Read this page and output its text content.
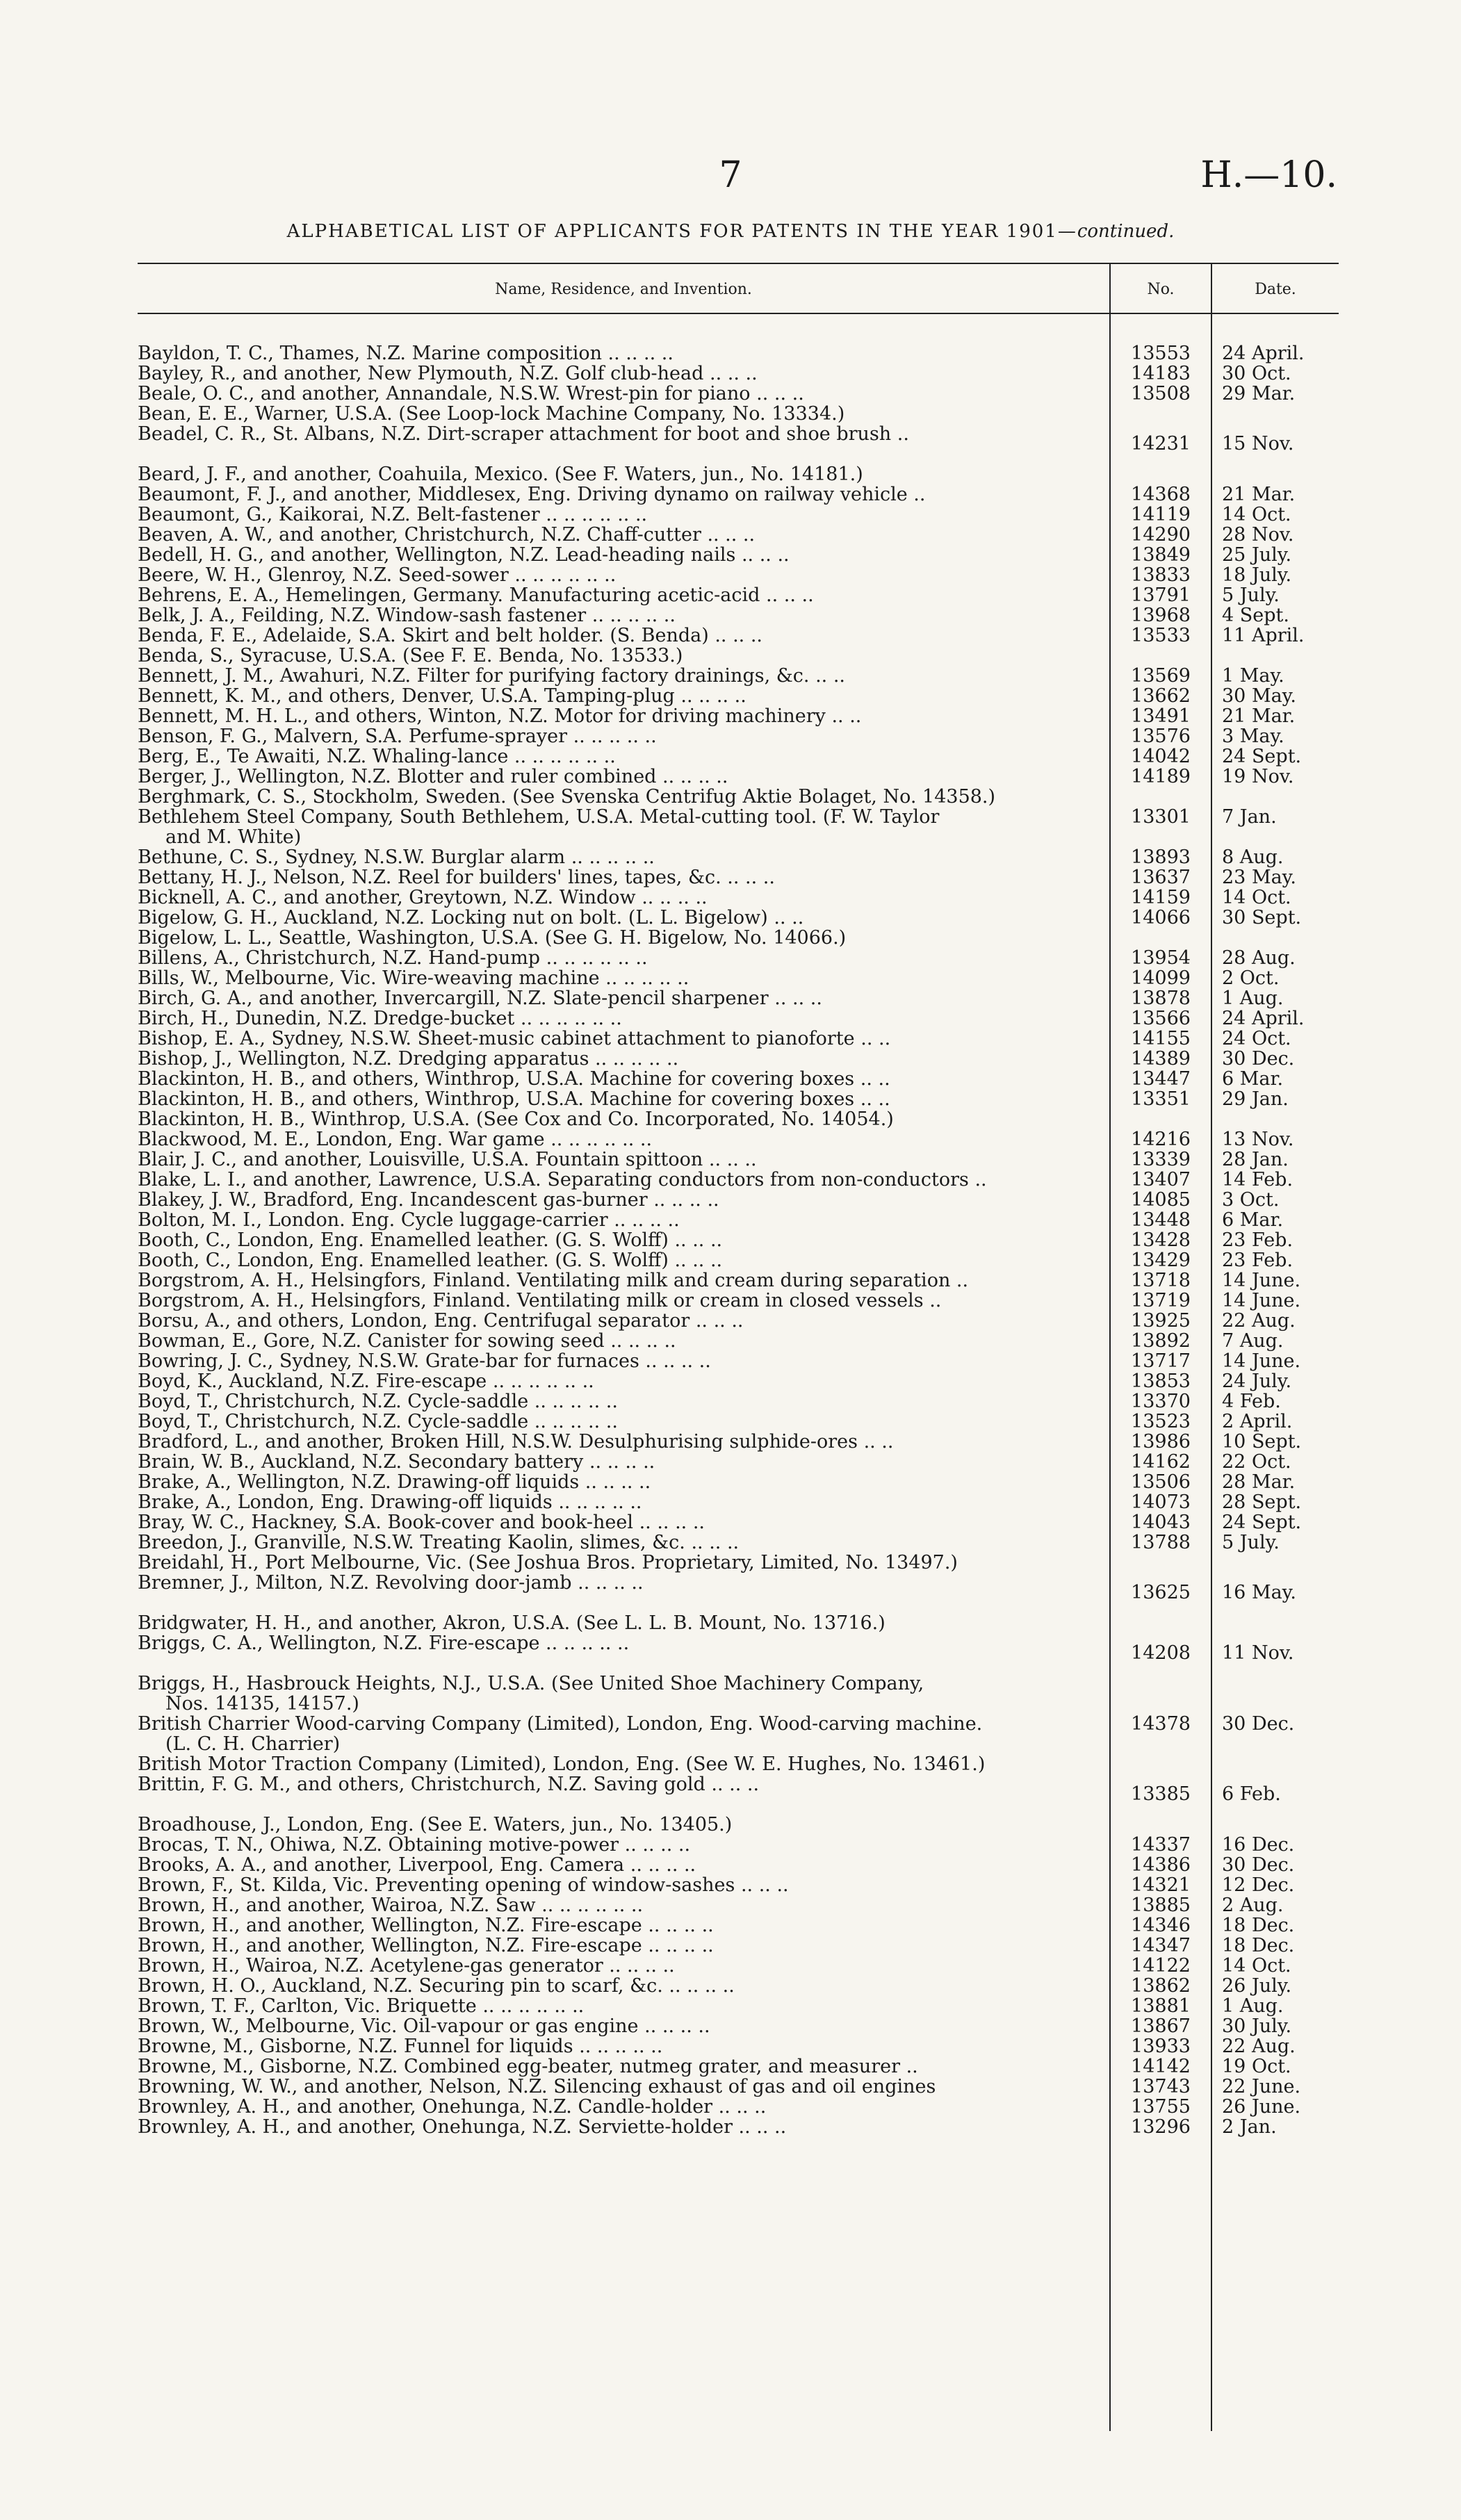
7	H.—10.
ALPHABETICAL LIST OF APPLICANTS FOR PATENTS IN THE YEAR 1901—continued.
Name, Residence, and Invention.	No.	Date.
Bayldon, T. C., Thames, N.Z. Marine composition .. .. .. ..	13553	24 April.
Bayley, R., and another, New Plymouth, N.Z. Golf club-head .. .. ..	14183	30 Oct.
Beale, O. C., and another, Annandale, N.S.W. Wrest-pin for piano .. .. ..	13508	29 Mar.
Bean, E. E., Warner, U.S.A. (See Loop-lock Machine Company, No. 13334.)
Beadel, C. R., St. Albans, N.Z. Dirt-scraper attachment for boot and shoe brush ..	14231	15 Nov.
Beard, J. F., and another, Coahuila, Mexico. (See F. Waters, jun., No. 14181.)
Beaumont, F. J., and another, Middlesex, Eng. Driving dynamo on railway vehicle ..	14368	21 Mar.
Beaumont, G., Kaikorai, N.Z. Belt-fastener .. .. .. .. .. ..	14119	14 Oct.
Beaven, A. W., and another, Christchurch, N.Z. Chaff-cutter .. .. ..	14290	28 Nov.
Bedell, H. G., and another, Wellington, N.Z. Lead-heading nails .. .. ..	13849	25 July.
Beere, W. H., Glenroy, N.Z. Seed-sower .. .. .. .. .. ..	13833	18 July.
Behrens, E. A., Hemelingen, Germany. Manufacturing acetic-acid .. .. ..	13791	5 July.
Belk, J. A., Feilding, N.Z. Window-sash fastener .. .. .. .. ..	13968	4 Sept.
Benda, F. E., Adelaide, S.A. Skirt and belt holder. (S. Benda) .. .. ..	13533	11 April.
Benda, S., Syracuse, U.S.A. (See F. E. Benda, No. 13533.)
Bennett, J. M., Awahuri, N.Z. Filter for purifying factory drainings, &c. .. ..	13569	1 May.
Bennett, K. M., and others, Denver, U.S.A. Tamping-plug .. .. .. ..	13662	30 May.
Bennett, M. H. L., and others, Winton, N.Z. Motor for driving machinery .. ..	13491	21 Mar.
Benson, F. G., Malvern, S.A. Perfume-sprayer .. .. .. .. ..	13576	3 May.
Berg, E., Te Awaiti, N.Z. Whaling-lance .. .. .. .. .. ..	14042	24 Sept.
Berger, J., Wellington, N.Z. Blotter and ruler combined .. .. .. ..	14189	19 Nov.
Berghmark, C. S., Stockholm, Sweden. (See Svenska Centrifug Aktie Bolaget, No. 14358.)
Bethlehem Steel Company, South Bethlehem, U.S.A. Metal-cutting tool. (F. W. Taylor
and M. White)
13301	7 Jan.
Bethune, C. S., Sydney, N.S.W. Burglar alarm .. .. .. .. ..	13893	8 Aug.
Bettany, H. J., Nelson, N.Z. Reel for builders' lines, tapes, &c. .. .. ..	13637	23 May.
Bicknell, A. C., and another, Greytown, N.Z. Window .. .. .. ..	14159	14 Oct.
Bigelow, G. H., Auckland, N.Z. Locking nut on bolt. (L. L. Bigelow) .. ..	14066	30 Sept.
Bigelow, L. L., Seattle, Washington, U.S.A. (See G. H. Bigelow, No. 14066.)
Billens, A., Christchurch, N.Z. Hand-pump .. .. .. .. .. ..	13954	28 Aug.
Bills, W., Melbourne, Vic. Wire-weaving machine .. .. .. .. ..	14099	2 Oct.
Birch, G. A., and another, Invercargill, N.Z. Slate-pencil sharpener .. .. ..	13878	1 Aug.
Birch, H., Dunedin, N.Z. Dredge-bucket .. .. .. .. .. ..	13566	24 April.
Bishop, E. A., Sydney, N.S.W. Sheet-music cabinet attachment to pianoforte .. ..	14155	24 Oct.
Bishop, J., Wellington, N.Z. Dredging apparatus .. .. .. .. ..	14389	30 Dec.
Blackinton, H. B., and others, Winthrop, U.S.A. Machine for covering boxes .. ..	13447	6 Mar.
Blackinton, H. B., and others, Winthrop, U.S.A. Machine for covering boxes .. ..	13351	29 Jan.
Blackinton, H. B., Winthrop, U.S.A. (See Cox and Co. Incorporated, No. 14054.)
Blackwood, M. E., London, Eng. War game .. .. .. .. .. ..	14216	13 Nov.
Blair, J. C., and another, Louisville, U.S.A. Fountain spittoon .. .. ..	13339	28 Jan.
Blake, L. I., and another, Lawrence, U.S.A. Separating conductors from non-conductors ..	13407	14 Feb.
Blakey, J. W., Bradford, Eng. Incandescent gas-burner .. .. .. ..	14085	3 Oct.
Bolton, M. I., London. Eng. Cycle luggage-carrier .. .. .. ..	13448	6 Mar.
Booth, C., London, Eng. Enamelled leather. (G. S. Wolff) .. .. ..	13428	23 Feb.
Booth, C., London, Eng. Enamelled leather. (G. S. Wolff) .. .. ..	13429	23 Feb.
Borgstrom, A. H., Helsingfors, Finland. Ventilating milk and cream during separation ..	13718	14 June.
Borgstrom, A. H., Helsingfors, Finland. Ventilating milk or cream in closed vessels ..	13719	14 June.
Borsu, A., and others, London, Eng. Centrifugal separator .. .. ..	13925	22 Aug.
Bowman, E., Gore, N.Z. Canister for sowing seed .. .. .. ..	13892	7 Aug.
Bowring, J. C., Sydney, N.S.W. Grate-bar for furnaces .. .. .. ..	13717	14 June.
Boyd, K., Auckland, N.Z. Fire-escape .. .. .. .. .. ..	13853	24 July.
Boyd, T., Christchurch, N.Z. Cycle-saddle .. .. .. .. ..	13370	4 Feb.
Boyd, T., Christchurch, N.Z. Cycle-saddle .. .. .. .. ..	13523	2 April.
Bradford, L., and another, Broken Hill, N.S.W. Desulphurising sulphide-ores .. ..	13986	10 Sept.
Brain, W. B., Auckland, N.Z. Secondary battery .. .. .. ..	14162	22 Oct.
Brake, A., Wellington, N.Z. Drawing-off liquids .. .. .. ..	13506	28 Mar.
Brake, A., London, Eng. Drawing-off liquids .. .. .. .. ..	14073	28 Sept.
Bray, W. C., Hackney, S.A. Book-cover and book-heel .. .. .. ..	14043	24 Sept.
Breedon, J., Granville, N.S.W. Treating Kaolin, slimes, &c. .. .. ..	13788	5 July.
Breidahl, H., Port Melbourne, Vic. (See Joshua Bros. Proprietary, Limited, No. 13497.)
Bremner, J., Milton, N.Z. Revolving door-jamb .. .. .. ..	13625	16 May.
Bridgwater, H. H., and another, Akron, U.S.A. (See L. L. B. Mount, No. 13716.)
Briggs, C. A., Wellington, N.Z. Fire-escape .. .. .. .. ..	14208	11 Nov.
Briggs, H., Hasbrouck Heights, N.J., U.S.A. (See United Shoe Machinery Company,
Nos. 14135, 14157.)
British Charrier Wood-carving Company (Limited), London, Eng. Wood-carving machine.
(L. C. H. Charrier)
14378	30 Dec.
British Motor Traction Company (Limited), London, Eng. (See W. E. Hughes, No. 13461.)
Brittin, F. G. M., and others, Christchurch, N.Z. Saving gold .. .. ..	13385	6 Feb.
Broadhouse, J., London, Eng. (See E. Waters, jun., No. 13405.)
Brocas, T. N., Ohiwa, N.Z. Obtaining motive-power .. .. .. ..	14337	16 Dec.
Brooks, A. A., and another, Liverpool, Eng. Camera .. .. .. ..	14386	30 Dec.
Brown, F., St. Kilda, Vic. Preventing opening of window-sashes .. .. ..	14321	12 Dec.
Brown, H., and another, Wairoa, N.Z. Saw .. .. .. .. .. ..	13885	2 Aug.
Brown, H., and another, Wellington, N.Z. Fire-escape .. .. .. ..	14346	18 Dec.
Brown, H., and another, Wellington, N.Z. Fire-escape .. .. .. ..	14347	18 Dec.
Brown, H., Wairoa, N.Z. Acetylene-gas generator .. .. .. ..	14122	14 Oct.
Brown, H. O., Auckland, N.Z. Securing pin to scarf, &c. .. .. .. ..	13862	26 July.
Brown, T. F., Carlton, Vic. Briquette .. .. .. .. .. ..	13881	1 Aug.
Brown, W., Melbourne, Vic. Oil-vapour or gas engine .. .. .. ..	13867	30 July.
Browne, M., Gisborne, N.Z. Funnel for liquids .. .. .. .. ..	13933	22 Aug.
Browne, M., Gisborne, N.Z. Combined egg-beater, nutmeg grater, and measurer ..	14142	19 Oct.
Browning, W. W., and another, Nelson, N.Z. Silencing exhaust of gas and oil engines	13743	22 June.
Brownley, A. H., and another, Onehunga, N.Z. Candle-holder .. .. ..	13755	26 June.
Brownley, A. H., and another, Onehunga, N.Z. Serviette-holder .. .. ..	13296	2 Jan.
